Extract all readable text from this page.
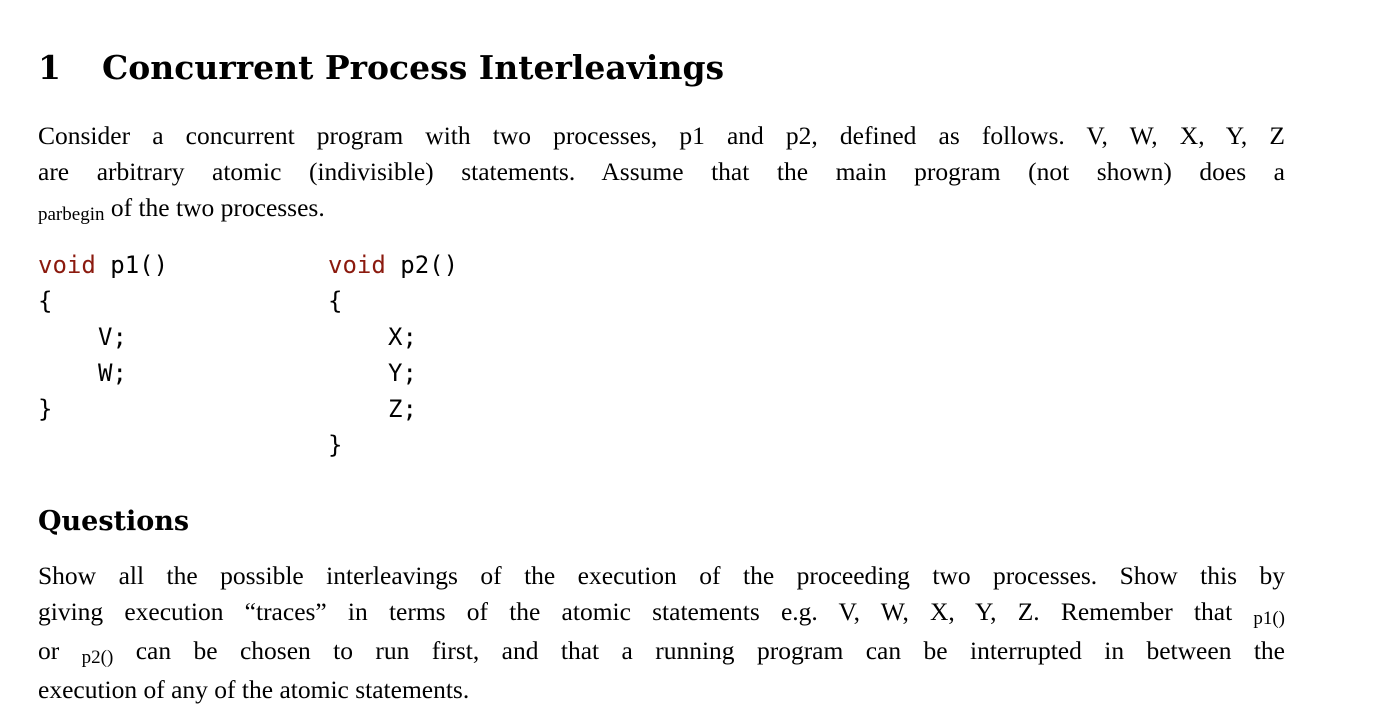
1 Concurrent Process Interleavings
Consider a concurrent program with two processes, p1 and p2, defined as follows. V, W, X, Y, Z
are arbitrary atomic (indivisible) statements. Assume that the main program (not shown) does a
parbegin of the two processes.
void p1()
{
V;
W;
}
void p2()
{
X;
Y;
Z;
}
Questions
Show all the possible interleavings of the execution of the proceeding two processes. Show this by
giving execution “traces” in terms of the atomic statements e.g. V, W, X, Y, Z. Remember that p1()
or p2() can be chosen to run first, and that a running program can be interrupted in between the
execution of any of the atomic statements.
